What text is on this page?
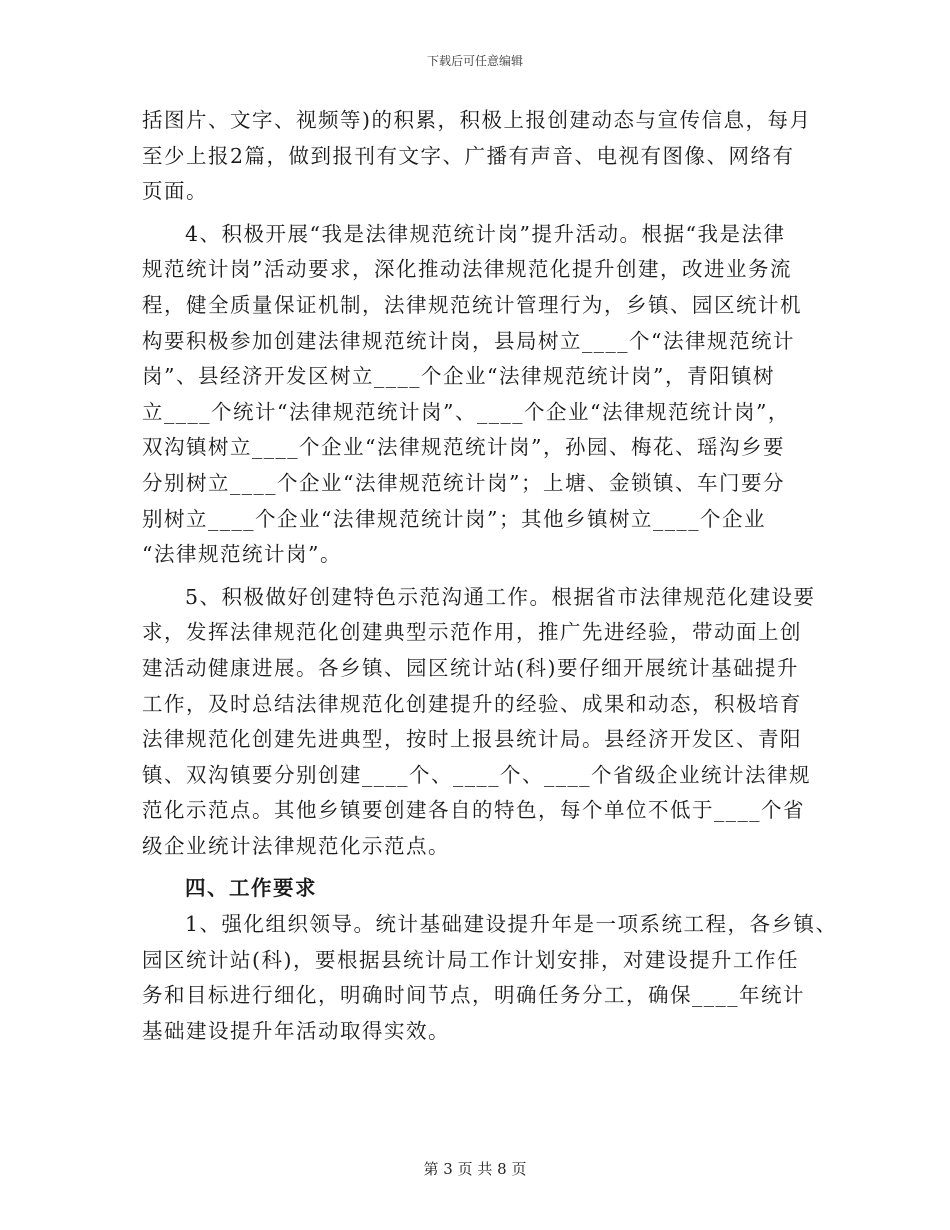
下载后可任意编辑
括图片、文字、视频等)的积累，积极上报创建动态与宣传信息，每月
至少上报2篇，做到报刊有文字、广播有声音、电视有图像、网络有
页面。
4、积极开展“我是法律规范统计岗”提升活动。根据“我是法律
规范统计岗”活动要求，深化推动法律规范化提升创建，改进业务流
程，健全质量保证机制，法律规范统计管理行为，乡镇、园区统计机
构要积极参加创建法律规范统计岗，县局树立____个“法律规范统计
岗”、县经济开发区树立____个企业“法律规范统计岗”，青阳镇树
立____个统计“法律规范统计岗”、____个企业“法律规范统计岗”，
双沟镇树立____个企业“法律规范统计岗”，孙园、梅花、瑶沟乡要
分别树立____个企业“法律规范统计岗”；上塘、金锁镇、车门要分
别树立____个企业“法律规范统计岗”；其他乡镇树立____个企业
“法律规范统计岗”。
5、积极做好创建特色示范沟通工作。根据省市法律规范化建设要
求，发挥法律规范化创建典型示范作用，推广先进经验，带动面上创
建活动健康进展。各乡镇、园区统计站(科)要仔细开展统计基础提升
工作，及时总结法律规范化创建提升的经验、成果和动态，积极培育
法律规范化创建先进典型，按时上报县统计局。县经济开发区、青阳
镇、双沟镇要分别创建____个、____个、____个省级企业统计法律规
范化示范点。其他乡镇要创建各自的特色，每个单位不低于____个省
级企业统计法律规范化示范点。
四、工作要求
1、强化组织领导。统计基础建设提升年是一项系统工程，各乡镇、
园区统计站(科)，要根据县统计局工作计划安排，对建设提升工作任
务和目标进行细化，明确时间节点，明确任务分工，确保____年统计
基础建设提升年活动取得实效。
第 3 页 共 8 页
